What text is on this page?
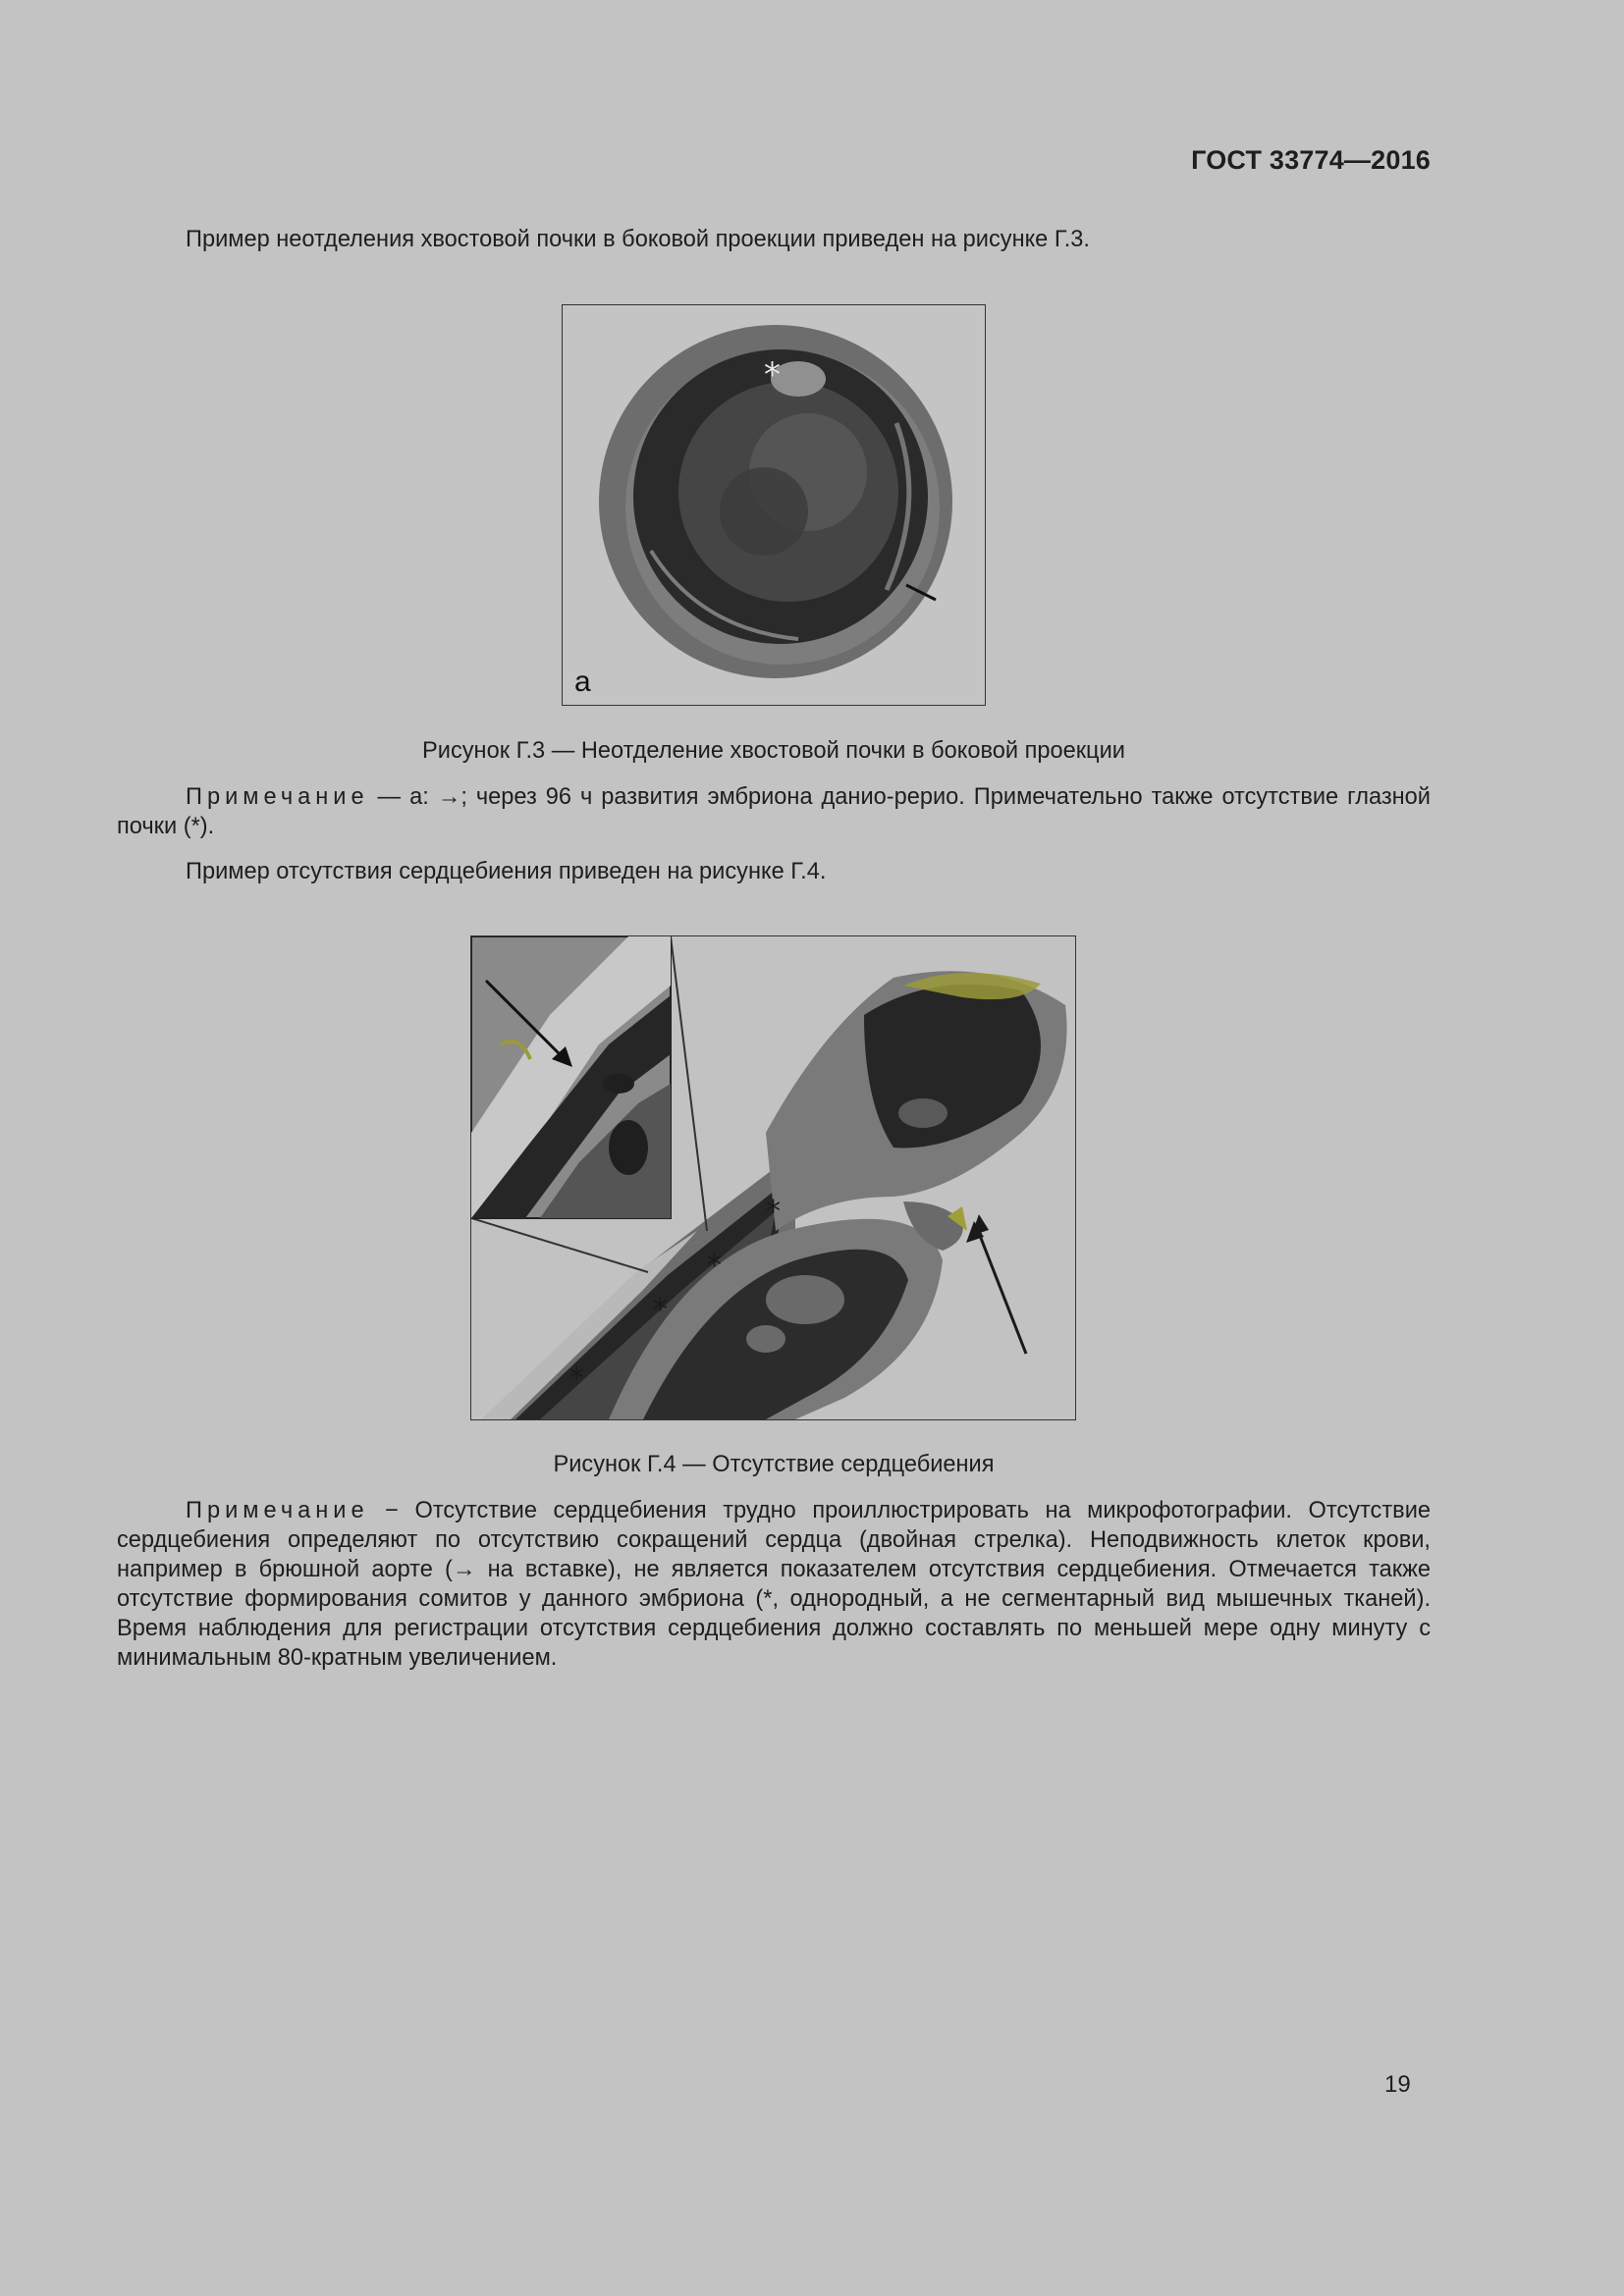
ГОСТ 33774—2016
Пример неотделения хвостовой почки в боковой проекции приведен на рисунке Г.3.
*
a
Рисунок Г.3 — Неотделение хвостовой почки в боковой проекции
Примечание — a: →; через 96 ч развития эмбриона данио-рерио. Примечательно также отсутствие глазной почки (*).
Пример отсутствия сердцебиения приведен на рисунке Г.4.
*
*
*
*
Рисунок Г.4 — Отсутствие сердцебиения
Примечание − Отсутствие сердцебиения трудно проиллюстрировать на микрофотографии. Отсутствие сердцебиения определяют по отсутствию сокращений сердца (двойная стрелка). Неподвижность клеток крови, например в брюшной аорте (→ на вставке), не является показателем отсутствия сердцебиения. Отмечается также отсутствие формирования сомитов у данного эмбриона (*, однородный, а не сегментарный вид мышечных тканей). Время наблюдения для регистрации отсутствия сердцебиения должно составлять по меньшей мере одну минуту с минимальным 80-кратным увеличением.
19
